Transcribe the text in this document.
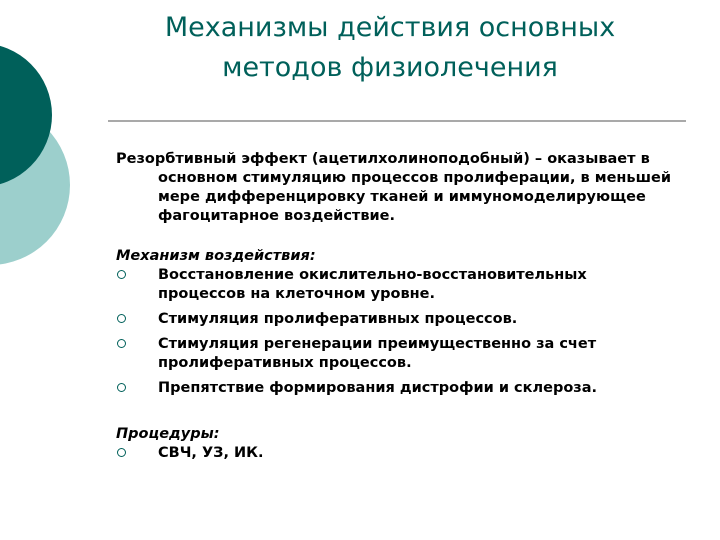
Механизмы действия основных методов физиолечения

Резорбтивный эффект (ацетилхолиноподобный) – оказывает в основном стимуляцию процессов пролиферации, в меньшей мере дифференцировку тканей и иммуномоделирующее фагоцитарное воздействие.

Механизм воздействия:

Восстановление окислительно-восстановительных процессов на клеточном уровне.
Стимуляция пролиферативных процессов.
Стимуляция регенерации преимущественно за счет пролиферативных процессов.
Препятствие формирования дистрофии и склероза.

Процедуры:

СВЧ, УЗ, ИК.
